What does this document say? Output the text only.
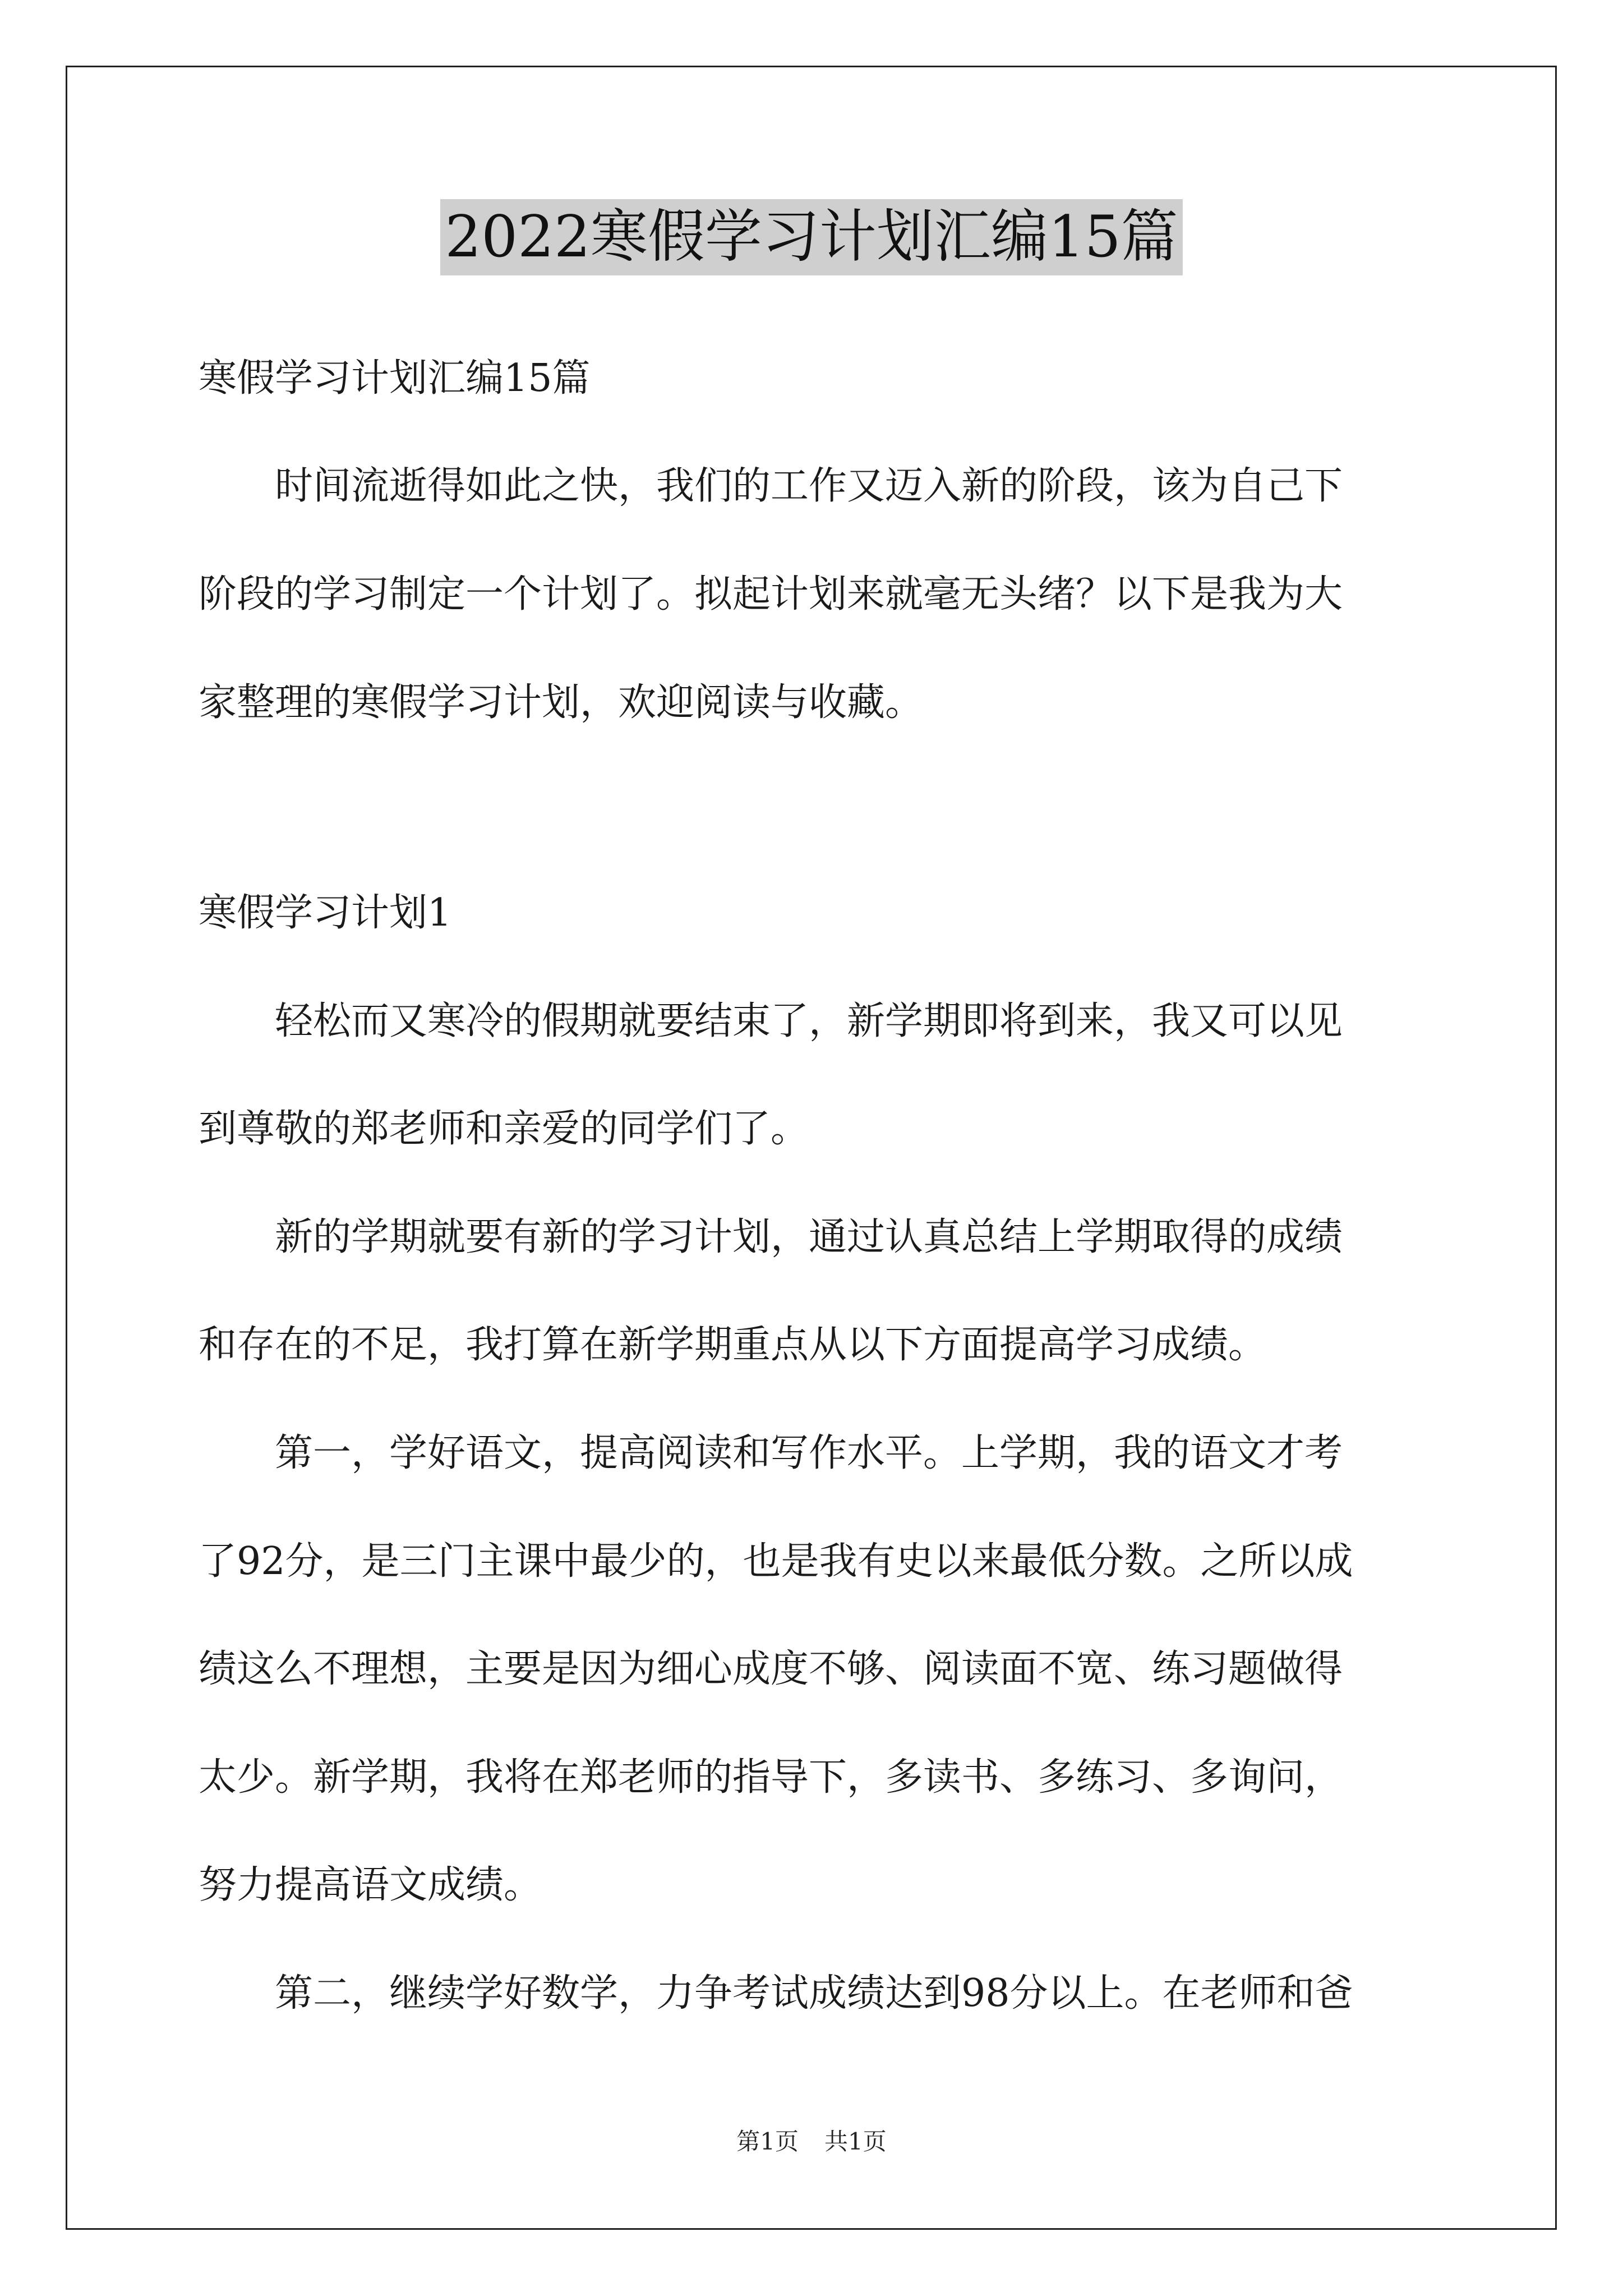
2022寒假学习计划汇编15篇

寒假学习计划汇编15篇

时间流逝得如此之快，我们的工作又迈入新的阶段，该为自己下

阶段的学习制定一个计划了。拟起计划来就毫无头绪？以下是我为大

家整理的寒假学习计划，欢迎阅读与收藏。

寒假学习计划1

轻松而又寒冷的假期就要结束了，新学期即将到来，我又可以见

到尊敬的郑老师和亲爱的同学们了。

新的学期就要有新的学习计划，通过认真总结上学期取得的成绩

和存在的不足，我打算在新学期重点从以下方面提高学习成绩。

第一，学好语文，提高阅读和写作水平。上学期，我的语文才考

了92分，是三门主课中最少的，也是我有史以来最低分数。之所以成

绩这么不理想，主要是因为细心成度不够、阅读面不宽、练习题做得

太少。新学期，我将在郑老师的指导下，多读书、多练习、多询问，

努力提高语文成绩。

第二，继续学好数学，力争考试成绩达到98分以上。在老师和爸

第1页 共1页
